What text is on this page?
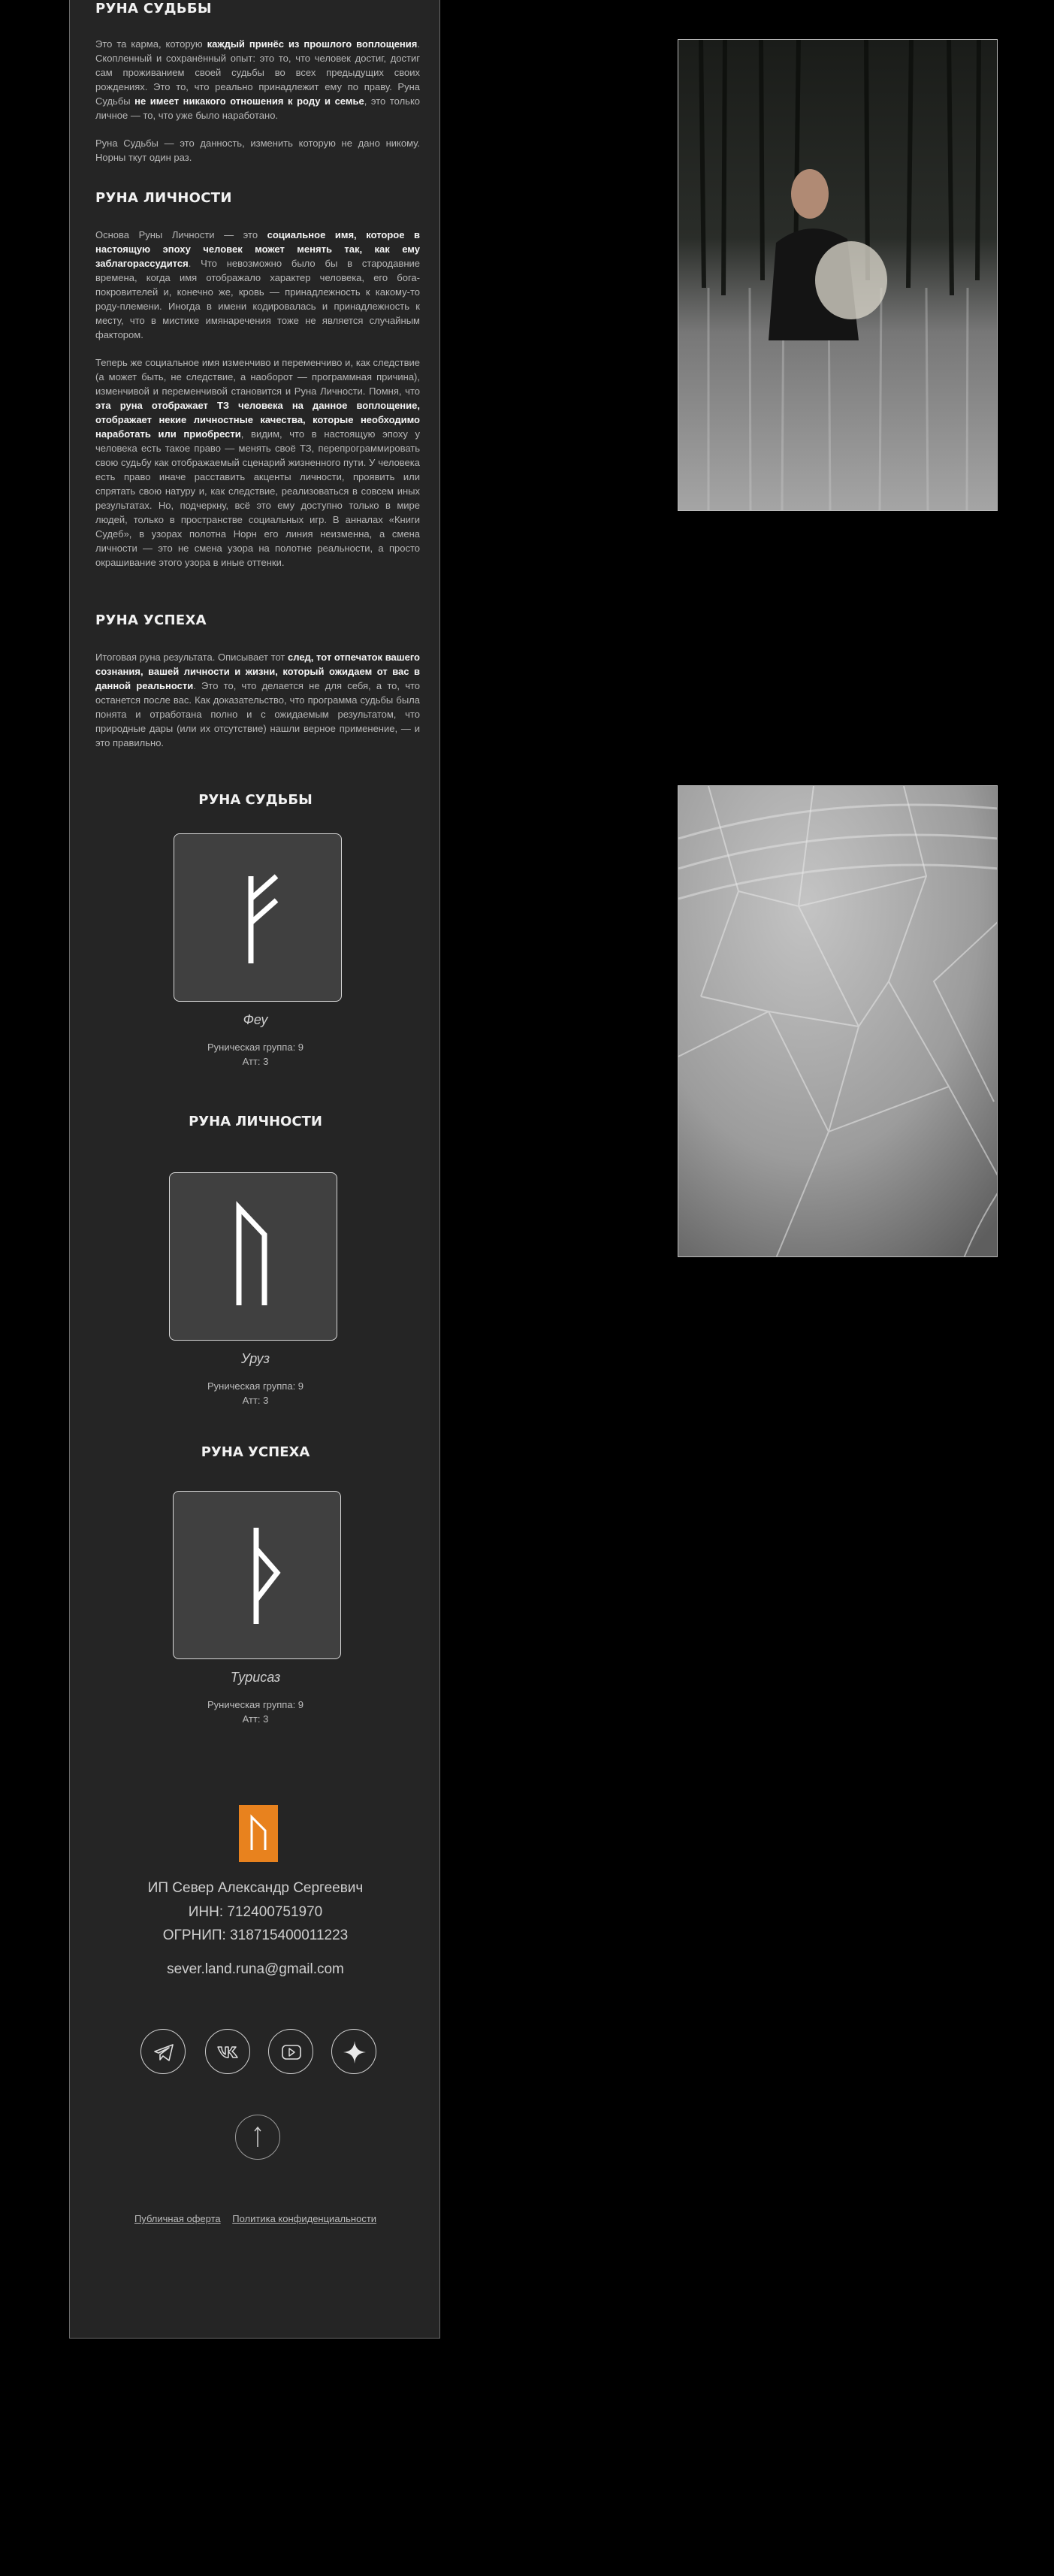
РУНА СУДЬБЫ

Это та карма, которую каждый принёс из прошлого воплощения. Скопленный и сохранённый опыт: это то, что человек достиг, достиг сам проживанием своей судьбы во всех предыдущих своих рождениях. Это то, что реально принадлежит ему по праву. Руна Судьбы не имеет никакого отношения к роду и семье, это только личное — то, что уже было наработано.

Руна Судьбы — это данность, изменить которую не дано никому. Норны ткут один раз.

РУНА ЛИЧНОСТИ

Основа Руны Личности — это социальное имя, которое в настоящую эпоху человек может менять так, как ему заблагорассудится. Что невозможно было бы в стародавние времена, когда имя отображало характер человека, его бога-покровителей и, конечно же, кровь — принадлежность к какому-то роду-племени. Иногда в имени кодировалась и принадлежность к месту, что в мистике имянаречения тоже не является случайным фактором.

Теперь же социальное имя изменчиво и переменчиво и, как следствие (а может быть, не следствие, а наоборот — программная причина), изменчивой и переменчивой становится и Руна Личности. Помня, что эта руна отображает ТЗ человека на данное воплощение, отображает некие личностные качества, которые необходимо наработать или приобрести, видим, что в настоящую эпоху у человека есть такое право — менять своё ТЗ, перепрограммировать свою судьбу как отображаемый сценарий жизненного пути. У человека есть право иначе расставить акценты личности, проявить или спрятать свою натуру и, как следствие, реализоваться в совсем иных результатах. Но, подчеркну, всё это ему доступно только в мире людей, только в пространстве социальных игр. В анналах «Книги Судеб», в узорах полотна Норн его линия неизменна, а смена личности — это не смена узора на полотне реальности, а просто окрашивание этого узора в иные оттенки.

РУНА УСПЕХА

Итоговая руна результата. Описывает тот след, тот отпечаток вашего сознания, вашей личности и жизни, который ожидаем от вас в данной реальности. Это то, что делается не для себя, а то, что останется после вас. Как доказательство, что программа судьбы была понята и отработана полно и с ожидаемым результатом, что природные дары (или их отсутствие) нашли верное применение, — и это правильно.

РУНА СУДЬБЫ
Феу
Руническая группа: 9
Атт: 3
РУНА ЛИЧНОСТИ
Уруз
Руническая группа: 9
Атт: 3
РУНА УСПЕХА
Турисаз
Руническая группа: 9
Атт: 3
ИП Север Александр Сергеевич
ИНН: 712400751970
ОГРНИП: 318715400011223
sever.land.runa@gmail.com
Публичная оферта Политика конфиденциальности
